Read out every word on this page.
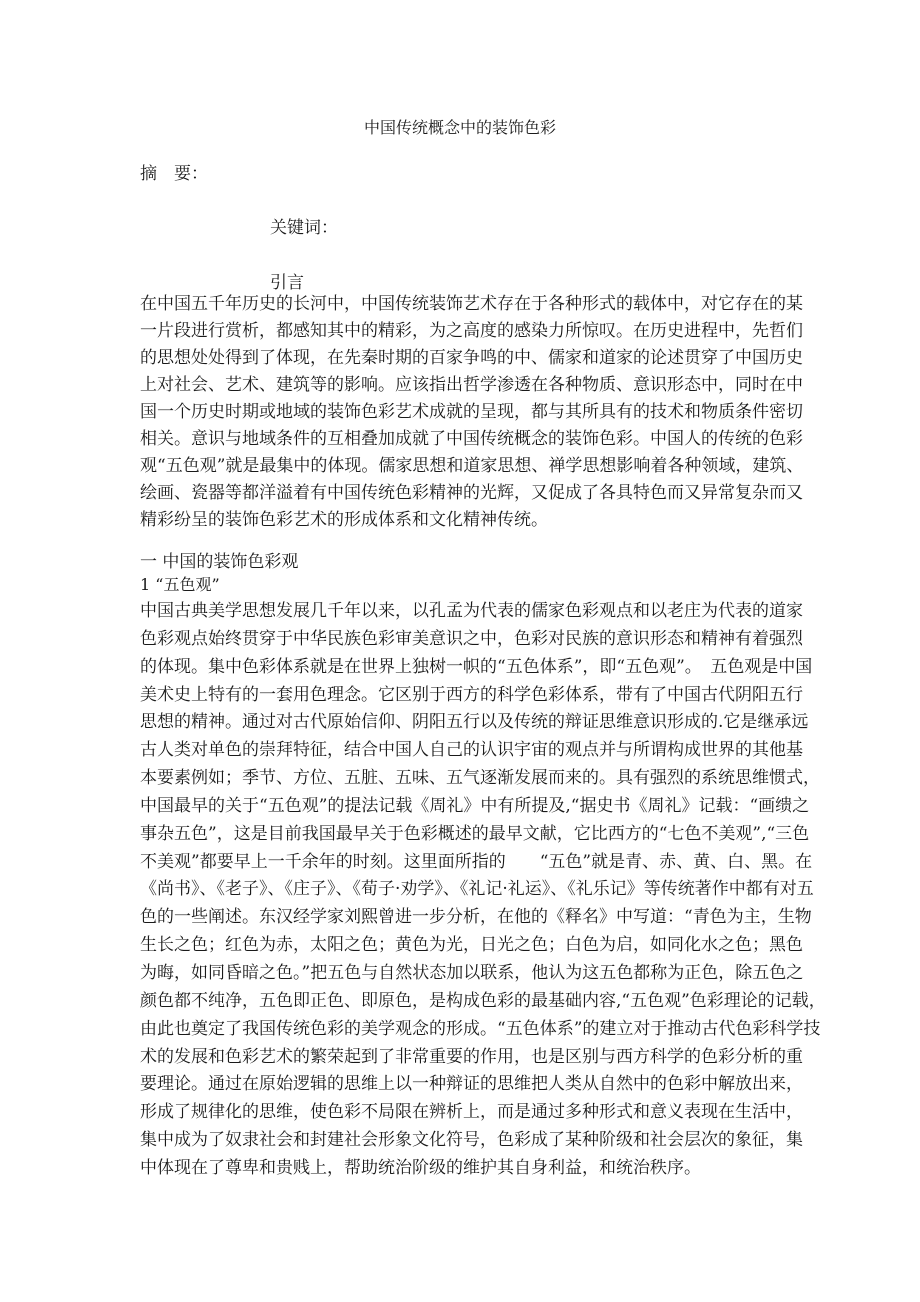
中国传统概念中的装饰色彩
摘　要：
关键词：
引言
在中国五千年历史的长河中，中国传统装饰艺术存在于各种形式的载体中，对它存在的某
一片段进行赏析，都感知其中的精彩，为之高度的感染力所惊叹。在历史进程中，先哲们
的思想处处得到了体现，在先秦时期的百家争鸣的中、儒家和道家的论述贯穿了中国历史
上对社会、艺术、建筑等的影响。应该指出哲学渗透在各种物质、意识形态中，同时在中
国一个历史时期或地域的装饰色彩艺术成就的呈现，都与其所具有的技术和物质条件密切
相关。意识与地域条件的互相叠加成就了中国传统概念的装饰色彩。中国人的传统的色彩
观“五色观”就是最集中的体现。儒家思想和道家思想、禅学思想影响着各种领域，建筑、
绘画、瓷器等都洋溢着有中国传统色彩精神的光辉，又促成了各具特色而又异常复杂而又
精彩纷呈的装饰色彩艺术的形成体系和文化精神传统。
一 中国的装饰色彩观
1 “五色观”
中国古典美学思想发展几千年以来，以孔孟为代表的儒家色彩观点和以老庄为代表的道家
色彩观点始终贯穿于中华民族色彩审美意识之中，色彩对民族的意识形态和精神有着强烈
的体现。集中色彩体系就是在世界上独树一帜的“五色体系”，即“五色观”。　五色观是中国
美术史上特有的一套用色理念。它区别于西方的科学色彩体系，带有了中国古代阴阳五行
思想的精神。通过对古代原始信仰、阴阳五行以及传统的辩证思维意识形成的.它是继承远
古人类对单色的崇拜特征，结合中国人自己的认识宇宙的观点并与所谓构成世界的其他基
本要素例如；季节、方位、五脏、五味、五气逐渐发展而来的。具有强烈的系统思维惯式，
中国最早的关于“五色观”的提法记载《周礼》中有所提及,“据史书《周礼》记载：“画缋之
事杂五色”，这是目前我国最早关于色彩概述的最早文献，它比西方的“七色不美观”,“三色
不美观”都要早上一千余年的时刻。这里面所指的　　“五色”就是青、赤、黄、白、黑。在
《尚书》、《老子》、《庄子》、《荀子·劝学》、《礼记·礼运》、《礼乐记》等传统著作中都有对五
色的一些阐述。东汉经学家刘熙曾进一步分析，在他的《释名》中写道：“青色为主，生物
生长之色；红色为赤，太阳之色；黄色为光，日光之色；白色为启，如同化水之色；黑色
为晦，如同昏暗之色。”把五色与自然状态加以联系，他认为这五色都称为正色，除五色之
颜色都不纯净，五色即正色、即原色，是构成色彩的最基础内容,“五色观”色彩理论的记载，
由此也奠定了我国传统色彩的美学观念的形成。“五色体系”的建立对于推动古代色彩科学技
术的发展和色彩艺术的繁荣起到了非常重要的作用，也是区别与西方科学的色彩分析的重
要理论。通过在原始逻辑的思维上以一种辩证的思维把人类从自然中的色彩中解放出来，
形成了规律化的思维，使色彩不局限在辨析上，而是通过多种形式和意义表现在生活中，
集中成为了奴隶社会和封建社会形象文化符号，色彩成了某种阶级和社会层次的象征，集
中体现在了尊卑和贵贱上，帮助统治阶级的维护其自身利益，和统治秩序。
